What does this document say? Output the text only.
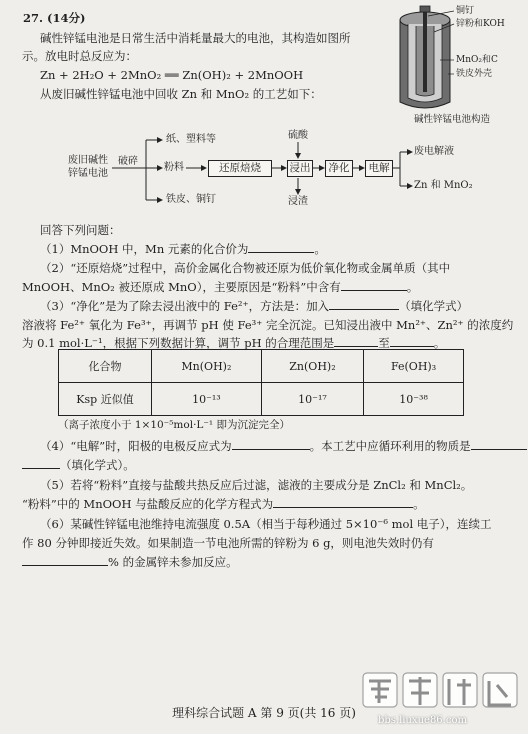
27. (14分)
碱性锌锰电池是日常生活中消耗量最大的电池，其构造如图所
示。放电时总反应为：
Zn + 2H₂O + 2MnO₂ ══ Zn(OH)₂ + 2MnOOH
从废旧碱性锌锰电池中回收 Zn 和 MnO₂ 的工艺如下：
铜钉
锌粉和KOH
MnO₂和C
铁皮外壳
碱性锌锰电池构造
废旧碱性
锌锰电池
破碎
纸、塑料等
粉料
铁皮、铜钉
还原焙烧
硫酸
浸出
浸渣
净化	电解
废电解液
Zn 和 MnO₂
回答下列问题：
（1）MnOOH 中，Mn 元素的化合价为	。
（2）“还原焙烧”过程中，高价金属化合物被还原为低价氧化物或金属单质（其中
MnOOH、MnO₂ 被还原成 MnO），主要原因是“粉料”中含有	。
（3）“净化”是为了除去浸出液中的 Fe²⁺，方法是：加入	（填化学式）
溶液将 Fe²⁺ 氧化为 Fe³⁺，再调节 pH 使 Fe³⁺ 完全沉淀。已知浸出液中 Mn²⁺、Zn²⁺ 的浓度约
为 0.1 mol·L⁻¹，根据下列数据计算，调节 pH 的合理范围是	至	。
化合物	Mn(OH)₂	Zn(OH)₂	Fe(OH)₃
Ksp 近似值	10⁻¹³	10⁻¹⁷	10⁻³⁸
（离子浓度小于 1×10⁻⁵mol·L⁻¹ 即为沉淀完全）
（4）“电解”时，阳极的电极反应式为	。本工艺中应循环利用的物质是
（填化学式）。
（5）若将“粉料”直接与盐酸共热反应后过滤，滤液的主要成分是 ZnCl₂ 和 MnCl₂。
“粉料”中的 MnOOH 与盐酸反应的化学方程式为	。
（6）某碱性锌锰电池维持电流强度 0.5A（相当于每秒通过 5×10⁻⁶ mol 电子），连续工
作 80 分钟即接近失效。如果制造一节电池所需的锌粉为 6 g，则电池失效时仍有
% 的金属锌未参加反应。
理科综合试题 A 第 9 页(共 16 页)
bbs.liuxue86.com
